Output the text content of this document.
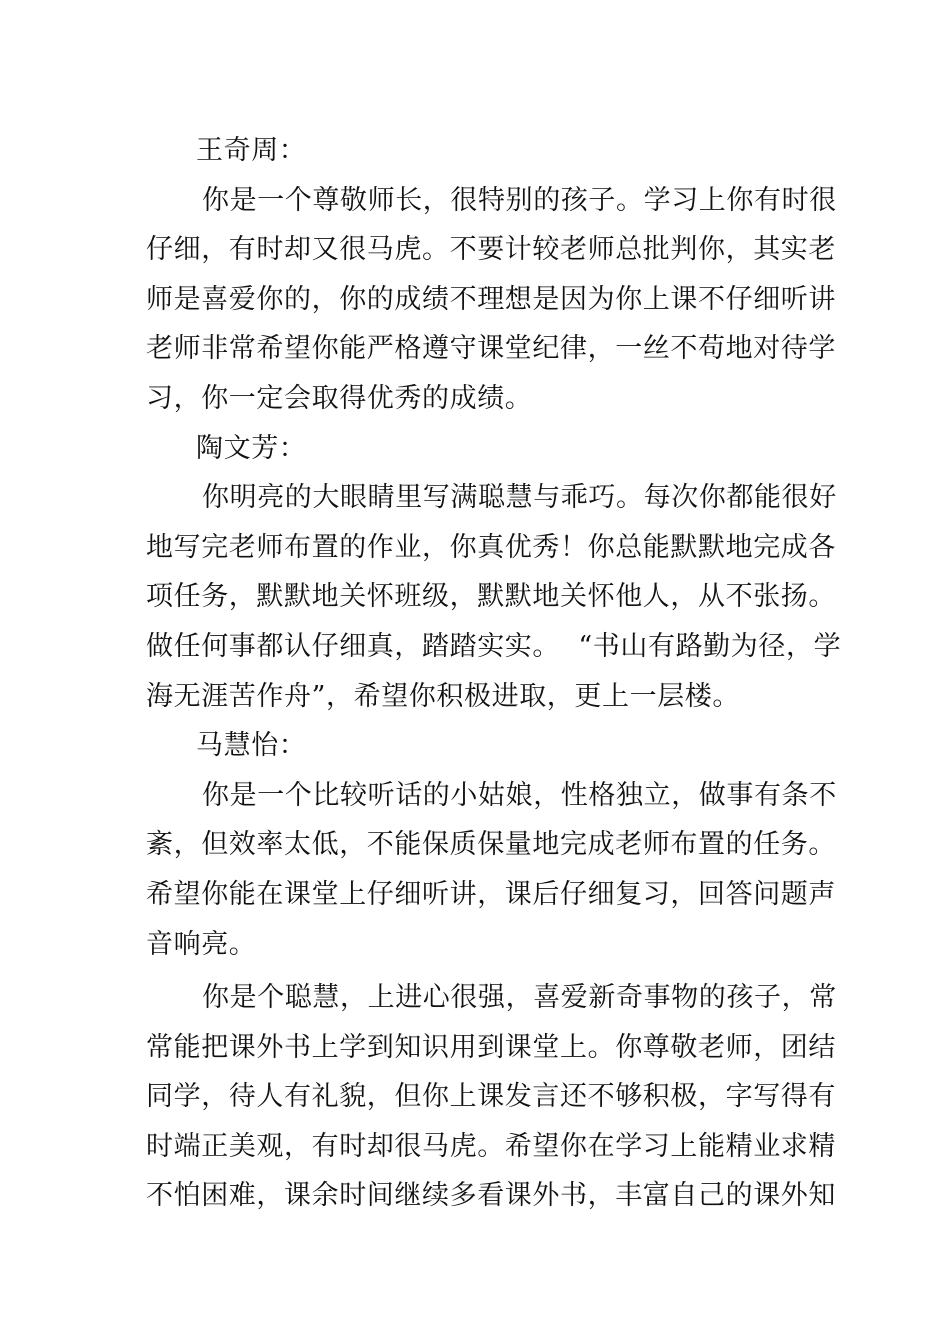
王奇周：

你是一个尊敬师长，很特别的孩子。学习上你有时很
仔细，有时却又很马虎。不要计较老师总批判你，其实老
师是喜爱你的，你的成绩不理想是因为你上课不仔细听讲
老师非常希望你能严格遵守课堂纪律，一丝不苟地对待学
习，你一定会取得优秀的成绩。

陶文芳：

你明亮的大眼睛里写满聪慧与乖巧。每次你都能很好
地写完老师布置的作业，你真优秀！你总能默默地完成各
项任务，默默地关怀班级，默默地关怀他人，从不张扬。
做任何事都认仔细真，踏踏实实。  “书山有路勤为径，学
海无涯苦作舟”，希望你积极进取，更上一层楼。

马慧怡：

你是一个比较听话的小姑娘，性格独立，做事有条不
紊，但效率太低，不能保质保量地完成老师布置的任务。
希望你能在课堂上仔细听讲，课后仔细复习，回答问题声
音响亮。
你是个聪慧，上进心很强，喜爱新奇事物的孩子，常
常能把课外书上学到知识用到课堂上。你尊敬老师，团结
同学，待人有礼貌，但你上课发言还不够积极，字写得有
时端正美观，有时却很马虎。希望你在学习上能精业求精
不怕困难，课余时间继续多看课外书，丰富自己的课外知
